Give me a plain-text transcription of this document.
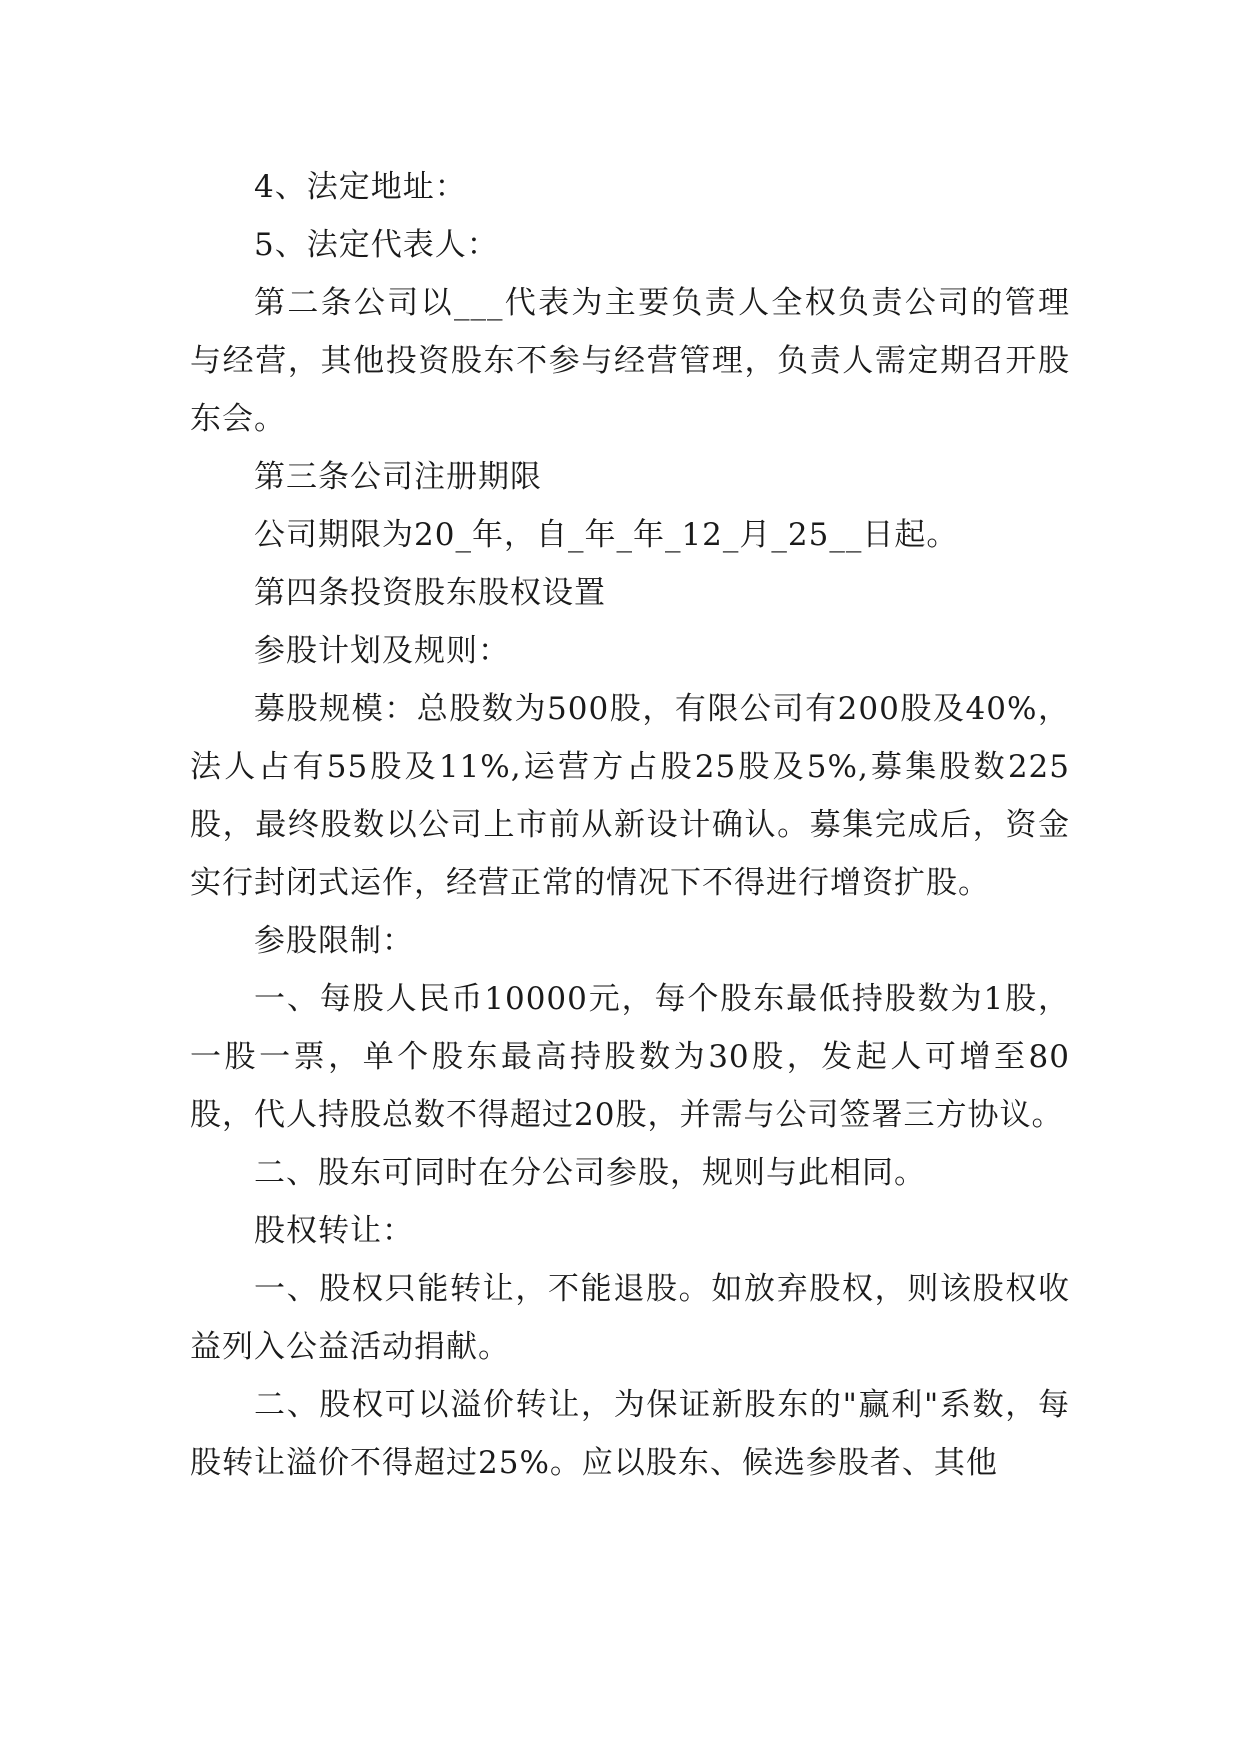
4、法定地址：

5、法定代表人：

第二条公司以___代表为主要负责人全权负责公司的管理与经营，其他投资股东不参与经营管理，负责人需定期召开股东会。

第三条公司注册期限

公司期限为20_年，自_年_年_12_月_25__日起。

第四条投资股东股权设置

参股计划及规则：

募股规模：总股数为500股，有限公司有200股及40%，法人占有55股及11%,运营方占股25股及5%,募集股数225股，最终股数以公司上市前从新设计确认。募集完成后，资金实行封闭式运作，经营正常的情况下不得进行增资扩股。

参股限制：

一、每股人民币10000元，每个股东最低持股数为1股，一股一票，单个股东最高持股数为30股，发起人可增至80股，代人持股总数不得超过20股，并需与公司签署三方协议。

二、股东可同时在分公司参股，规则与此相同。

股权转让：

一、股权只能转让，不能退股。如放弃股权，则该股权收益列入公益活动捐献。

二、股权可以溢价转让，为保证新股东的"赢利"系数，每股转让溢价不得超过25%。应以股东、候选参股者、其他
